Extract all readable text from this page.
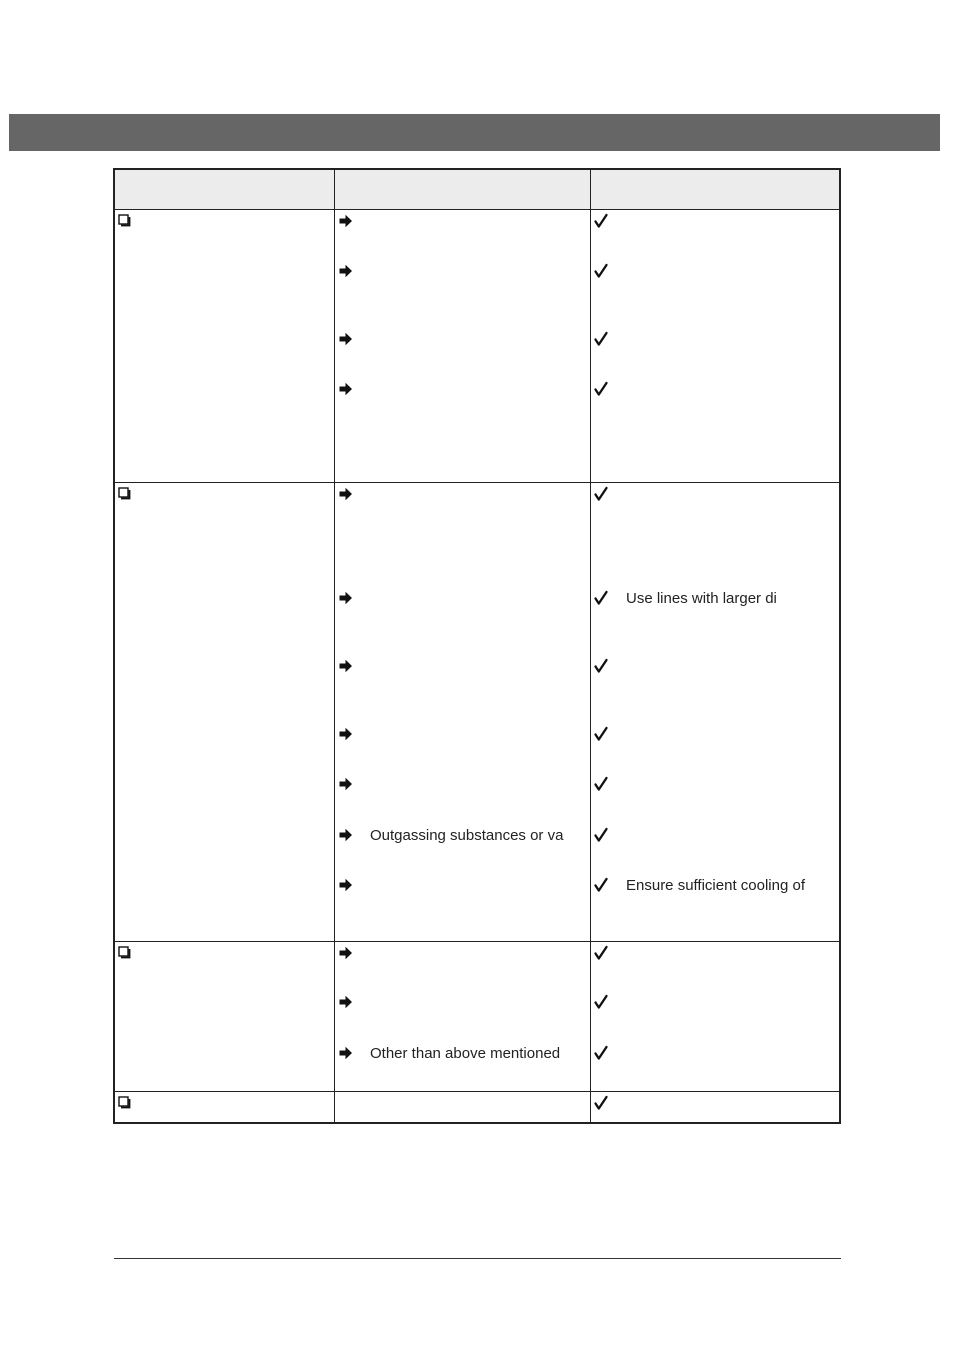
Outgassing substances or va
Other than above mentioned
Use lines with larger di
Ensure sufficient cooling of
